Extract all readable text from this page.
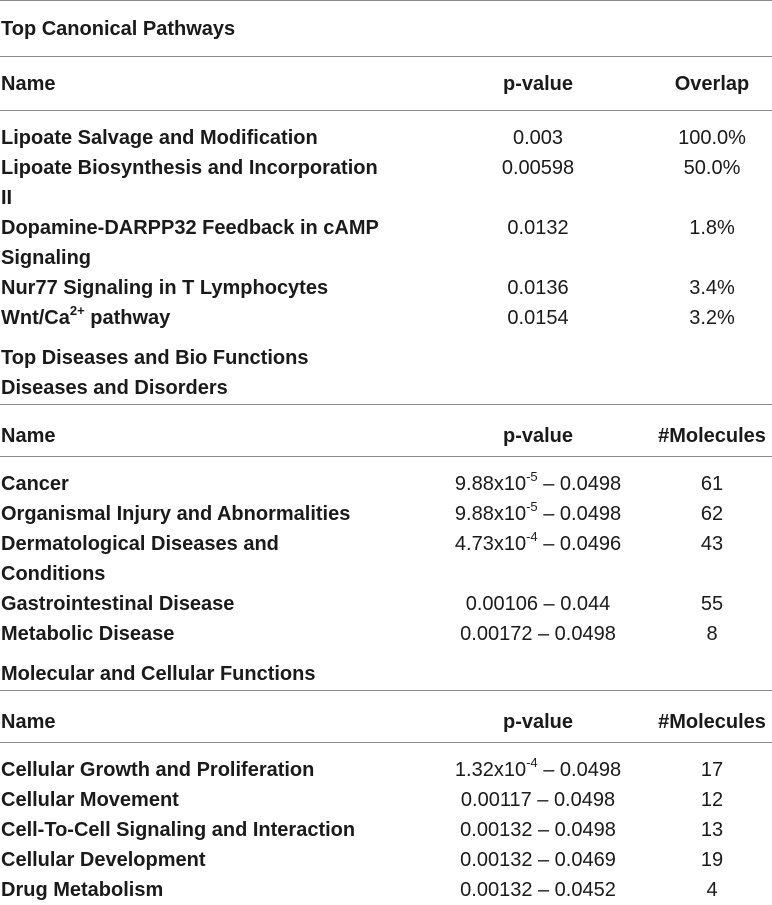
Top Canonical Pathways
Name	p-value	Overlap
Lipoate Salvage and Modification	0.003	100.0%
Lipoate Biosynthesis and Incorporation	0.00598	50.0%
II
Dopamine-DARPP32 Feedback in cAMP	0.0132	1.8%
Signaling
Nur77 Signaling in T Lymphocytes	0.0136	3.4%
Wnt/$Ca^{2+}$ pathway	0.0154	3.2%
Top Diseases and Bio Functions
Diseases and Disorders
Name	p-value	#Molecules
Cancer	$9.88x10^{-5} - 0.0498$	61
Organismal Injury and Abnormalities	$9.88x10^{-5} - 0.0498$	62
Dermatological Diseases and	$4.73x10^{-4} - 0.0496$	43
Conditions
Gastrointestinal Disease	0.00106 – 0.044	55
Metabolic Disease	0.00172 – 0.0498	8
Molecular and Cellular Functions
Name	p-value	#Molecules
Cellular Growth and Proliferation	$1.32x10^{-4} - 0.0498$	17
Cellular Movement	0.00117 – 0.0498	12
Cell-To-Cell Signaling and Interaction	0.00132 – 0.0498	13
Cellular Development	0.00132 – 0.0469	19
Drug Metabolism	0.00132 – 0.0452	4
